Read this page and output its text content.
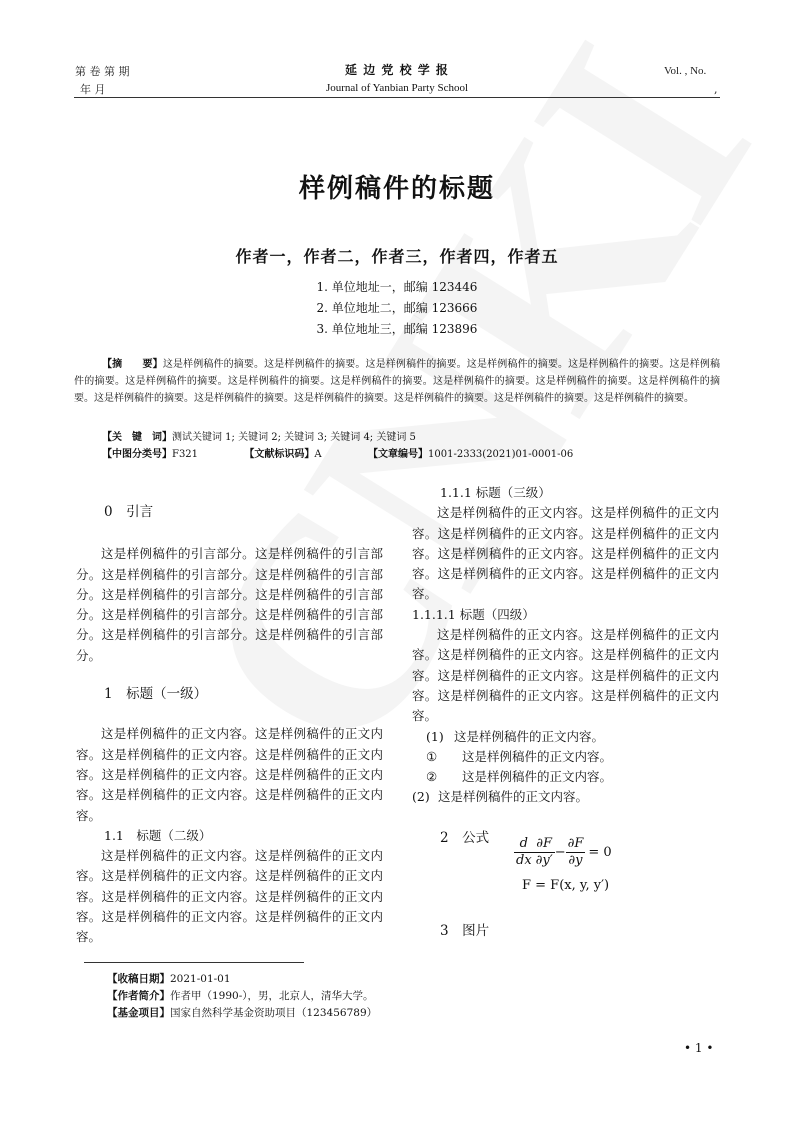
第 卷 第 期
年 月
延 边 党 校 学 报
Journal of Yanbian Party School
Vol. , No.
,
样例稿件的标题
作者一，作者二，作者三，作者四，作者五
1. 单位地址一，邮编 123446
2. 单位地址二，邮编 123666
3. 单位地址三，邮编 123896
【摘　　要】这是样例稿件的摘要。这是样例稿件的摘要。这是样例稿件的摘要。这是样例稿件的摘要。这是样例稿件的摘要。这是样例稿件的摘要。这是样例稿件的摘要。这是样例稿件的摘要。这是样例稿件的摘要。这是样例稿件的摘要。这是样例稿件的摘要。这是样例稿件的摘要。这是样例稿件的摘要。这是样例稿件的摘要。这是样例稿件的摘要。这是样例稿件的摘要。这是样例稿件的摘要。这是样例稿件的摘要。
【关　键　词】测试关键词 1; 关键词 2; 关键词 3; 关键词 4; 关键词 5
【中图分类号】F321	【文献标识码】A	【文章编号】1001-2333(2021)01-0001-06

0　引言

这是样例稿件的引言部分。这是样例稿件的引言部分。这是样例稿件的引言部分。这是样例稿件的引言部分。这是样例稿件的引言部分。这是样例稿件的引言部分。这是样例稿件的引言部分。这是样例稿件的引言部分。这是样例稿件的引言部分。这是样例稿件的引言部分。

1　标题（一级）

这是样例稿件的正文内容。这是样例稿件的正文内容。这是样例稿件的正文内容。这是样例稿件的正文内容。这是样例稿件的正文内容。这是样例稿件的正文内容。这是样例稿件的正文内容。这是样例稿件的正文内容。

1.1　标题（二级）

这是样例稿件的正文内容。这是样例稿件的正文内容。这是样例稿件的正文内容。这是样例稿件的正文内容。这是样例稿件的正文内容。这是样例稿件的正文内容。这是样例稿件的正文内容。这是样例稿件的正文内容。

1.1.1 标题（三级）

这是样例稿件的正文内容。这是样例稿件的正文内容。这是样例稿件的正文内容。这是样例稿件的正文内容。这是样例稿件的正文内容。这是样例稿件的正文内容。这是样例稿件的正文内容。这是样例稿件的正文内容。

1.1.1.1 标题（四级）

这是样例稿件的正文内容。这是样例稿件的正文内容。这是样例稿件的正文内容。这是样例稿件的正文内容。这是样例稿件的正文内容。这是样例稿件的正文内容。这是样例稿件的正文内容。这是样例稿件的正文内容。

(1) 这是样例稿件的正文内容。
① 这是样例稿件的正文内容。
② 这是样例稿件的正文内容。
(2) 这是样例稿件的正文内容。

2　公式	$\frac{d}{dx} \frac{\partial F}{\partial y'} - \frac{\partial F}{\partial y} = 0$
F = F(x, y, y′)
3　图片
【收稿日期】2021-01-01
【作者简介】作者甲（1990-），男，北京人，清华大学。
【基金项目】国家自然科学基金资助项目（123456789）
• 1 •
